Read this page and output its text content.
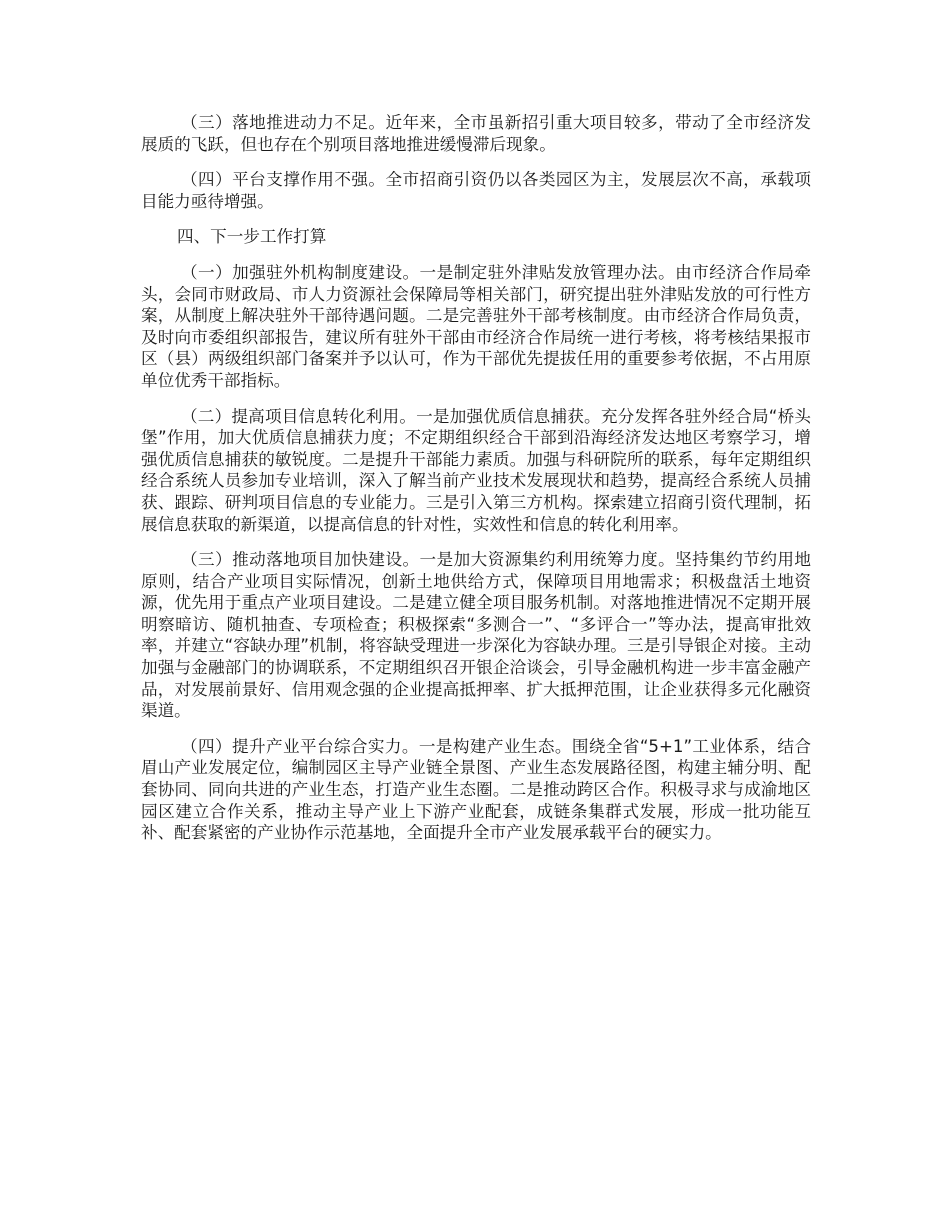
（三）落地推进动力不足。近年来，全市虽新招引重大项目较多，带动了全市经济发展质的飞跃，但也存在个别项目落地推进缓慢滞后现象。

（四）平台支撑作用不强。全市招商引资仍以各类园区为主，发展层次不高，承载项目能力亟待增强。

四、下一步工作打算

（一）加强驻外机构制度建设。一是制定驻外津贴发放管理办法。由市经济合作局牵头，会同市财政局、市人力资源社会保障局等相关部门，研究提出驻外津贴发放的可行性方案，从制度上解决驻外干部待遇问题。二是完善驻外干部考核制度。由市经济合作局负责，及时向市委组织部报告，建议所有驻外干部由市经济合作局统一进行考核，将考核结果报市区（县）两级组织部门备案并予以认可，作为干部优先提拔任用的重要参考依据，不占用原单位优秀干部指标。

（二）提高项目信息转化利用。一是加强优质信息捕获。充分发挥各驻外经合局“桥头堡”作用，加大优质信息捕获力度；不定期组织经合干部到沿海经济发达地区考察学习，增强优质信息捕获的敏锐度。二是提升干部能力素质。加强与科研院所的联系，每年定期组织经合系统人员参加专业培训，深入了解当前产业技术发展现状和趋势，提高经合系统人员捕获、跟踪、研判项目信息的专业能力。三是引入第三方机构。探索建立招商引资代理制，拓展信息获取的新渠道，以提高信息的针对性，实效性和信息的转化利用率。

（三）推动落地项目加快建设。一是加大资源集约利用统筹力度。坚持集约节约用地原则，结合产业项目实际情况，创新土地供给方式，保障项目用地需求；积极盘活土地资源，优先用于重点产业项目建设。二是建立健全项目服务机制。对落地推进情况不定期开展明察暗访、随机抽查、专项检查；积极探索“多测合一”、“多评合一”等办法，提高审批效率，并建立“容缺办理”机制，将容缺受理进一步深化为容缺办理。三是引导银企对接。主动加强与金融部门的协调联系，不定期组织召开银企洽谈会，引导金融机构进一步丰富金融产品，对发展前景好、信用观念强的企业提高抵押率、扩大抵押范围，让企业获得多元化融资渠道。

（四）提升产业平台综合实力。一是构建产业生态。围绕全省“5+1”工业体系，结合眉山产业发展定位，编制园区主导产业链全景图、产业生态发展路径图，构建主辅分明、配套协同、同向共进的产业生态，打造产业生态圈。二是推动跨区合作。积极寻求与成渝地区园区建立合作关系，推动主导产业上下游产业配套，成链条集群式发展，形成一批功能互补、配套紧密的产业协作示范基地，全面提升全市产业发展承载平台的硬实力。
